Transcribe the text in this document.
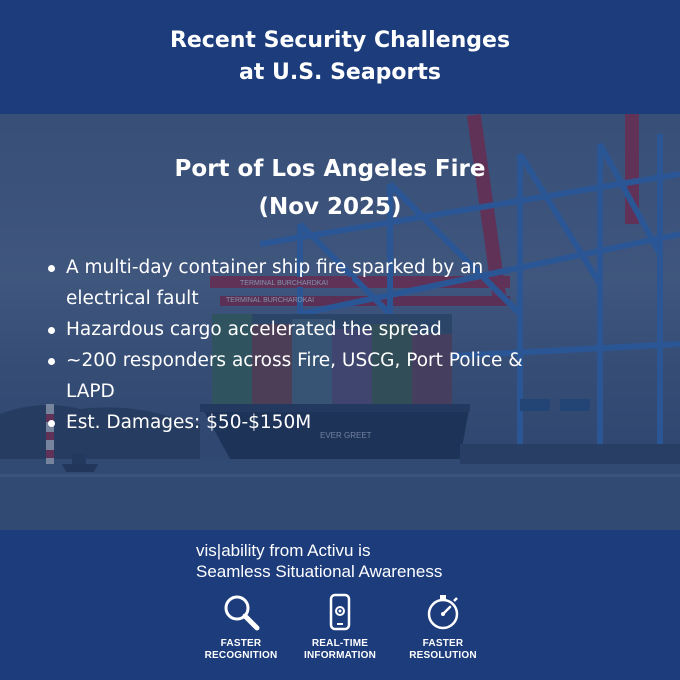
Recent Security Challenges
at U.S. Seaports
Port of Los Angeles Fire
(Nov 2025)
A multi-day container ship fire sparked by an
electrical fault
Hazardous cargo accelerated the spread
~200 responders across Fire, USCG, Port Police &
LAPD
Est. Damages: $50-$150M
vis|ability from Activu is
Seamless Situational Awareness
FASTER
RECOGNITION
REAL-TIME
INFORMATION
FASTER
RESOLUTION
